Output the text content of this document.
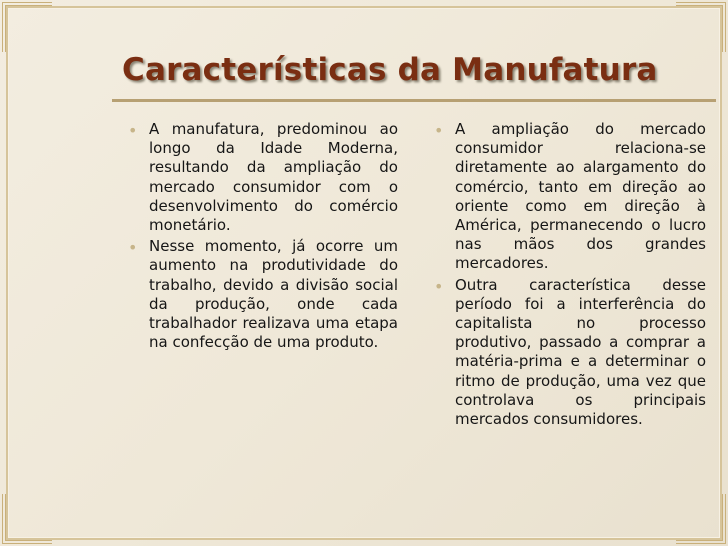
Características da Manufatura
• A manufatura, predominou ao longo da Idade Moderna, resultando da ampliação do mercado consumidor com o desenvolvimento do comércio monetário.
• Nesse momento, já ocorre um aumento na produtividade do trabalho, devido a divisão social da produção, onde cada trabalhador realizava uma etapa na confecção de uma produto.
• A ampliação do mercado consumidor relaciona-se diretamente ao alargamento do comércio, tanto em direção ao oriente como em direção à América, permanecendo o lucro nas mãos dos grandes mercadores.
• Outra característica desse período foi a interferência do capitalista no processo produtivo, passado a comprar a matéria-prima e a determinar o ritmo de produção, uma vez que controlava os principais mercados consumidores.
